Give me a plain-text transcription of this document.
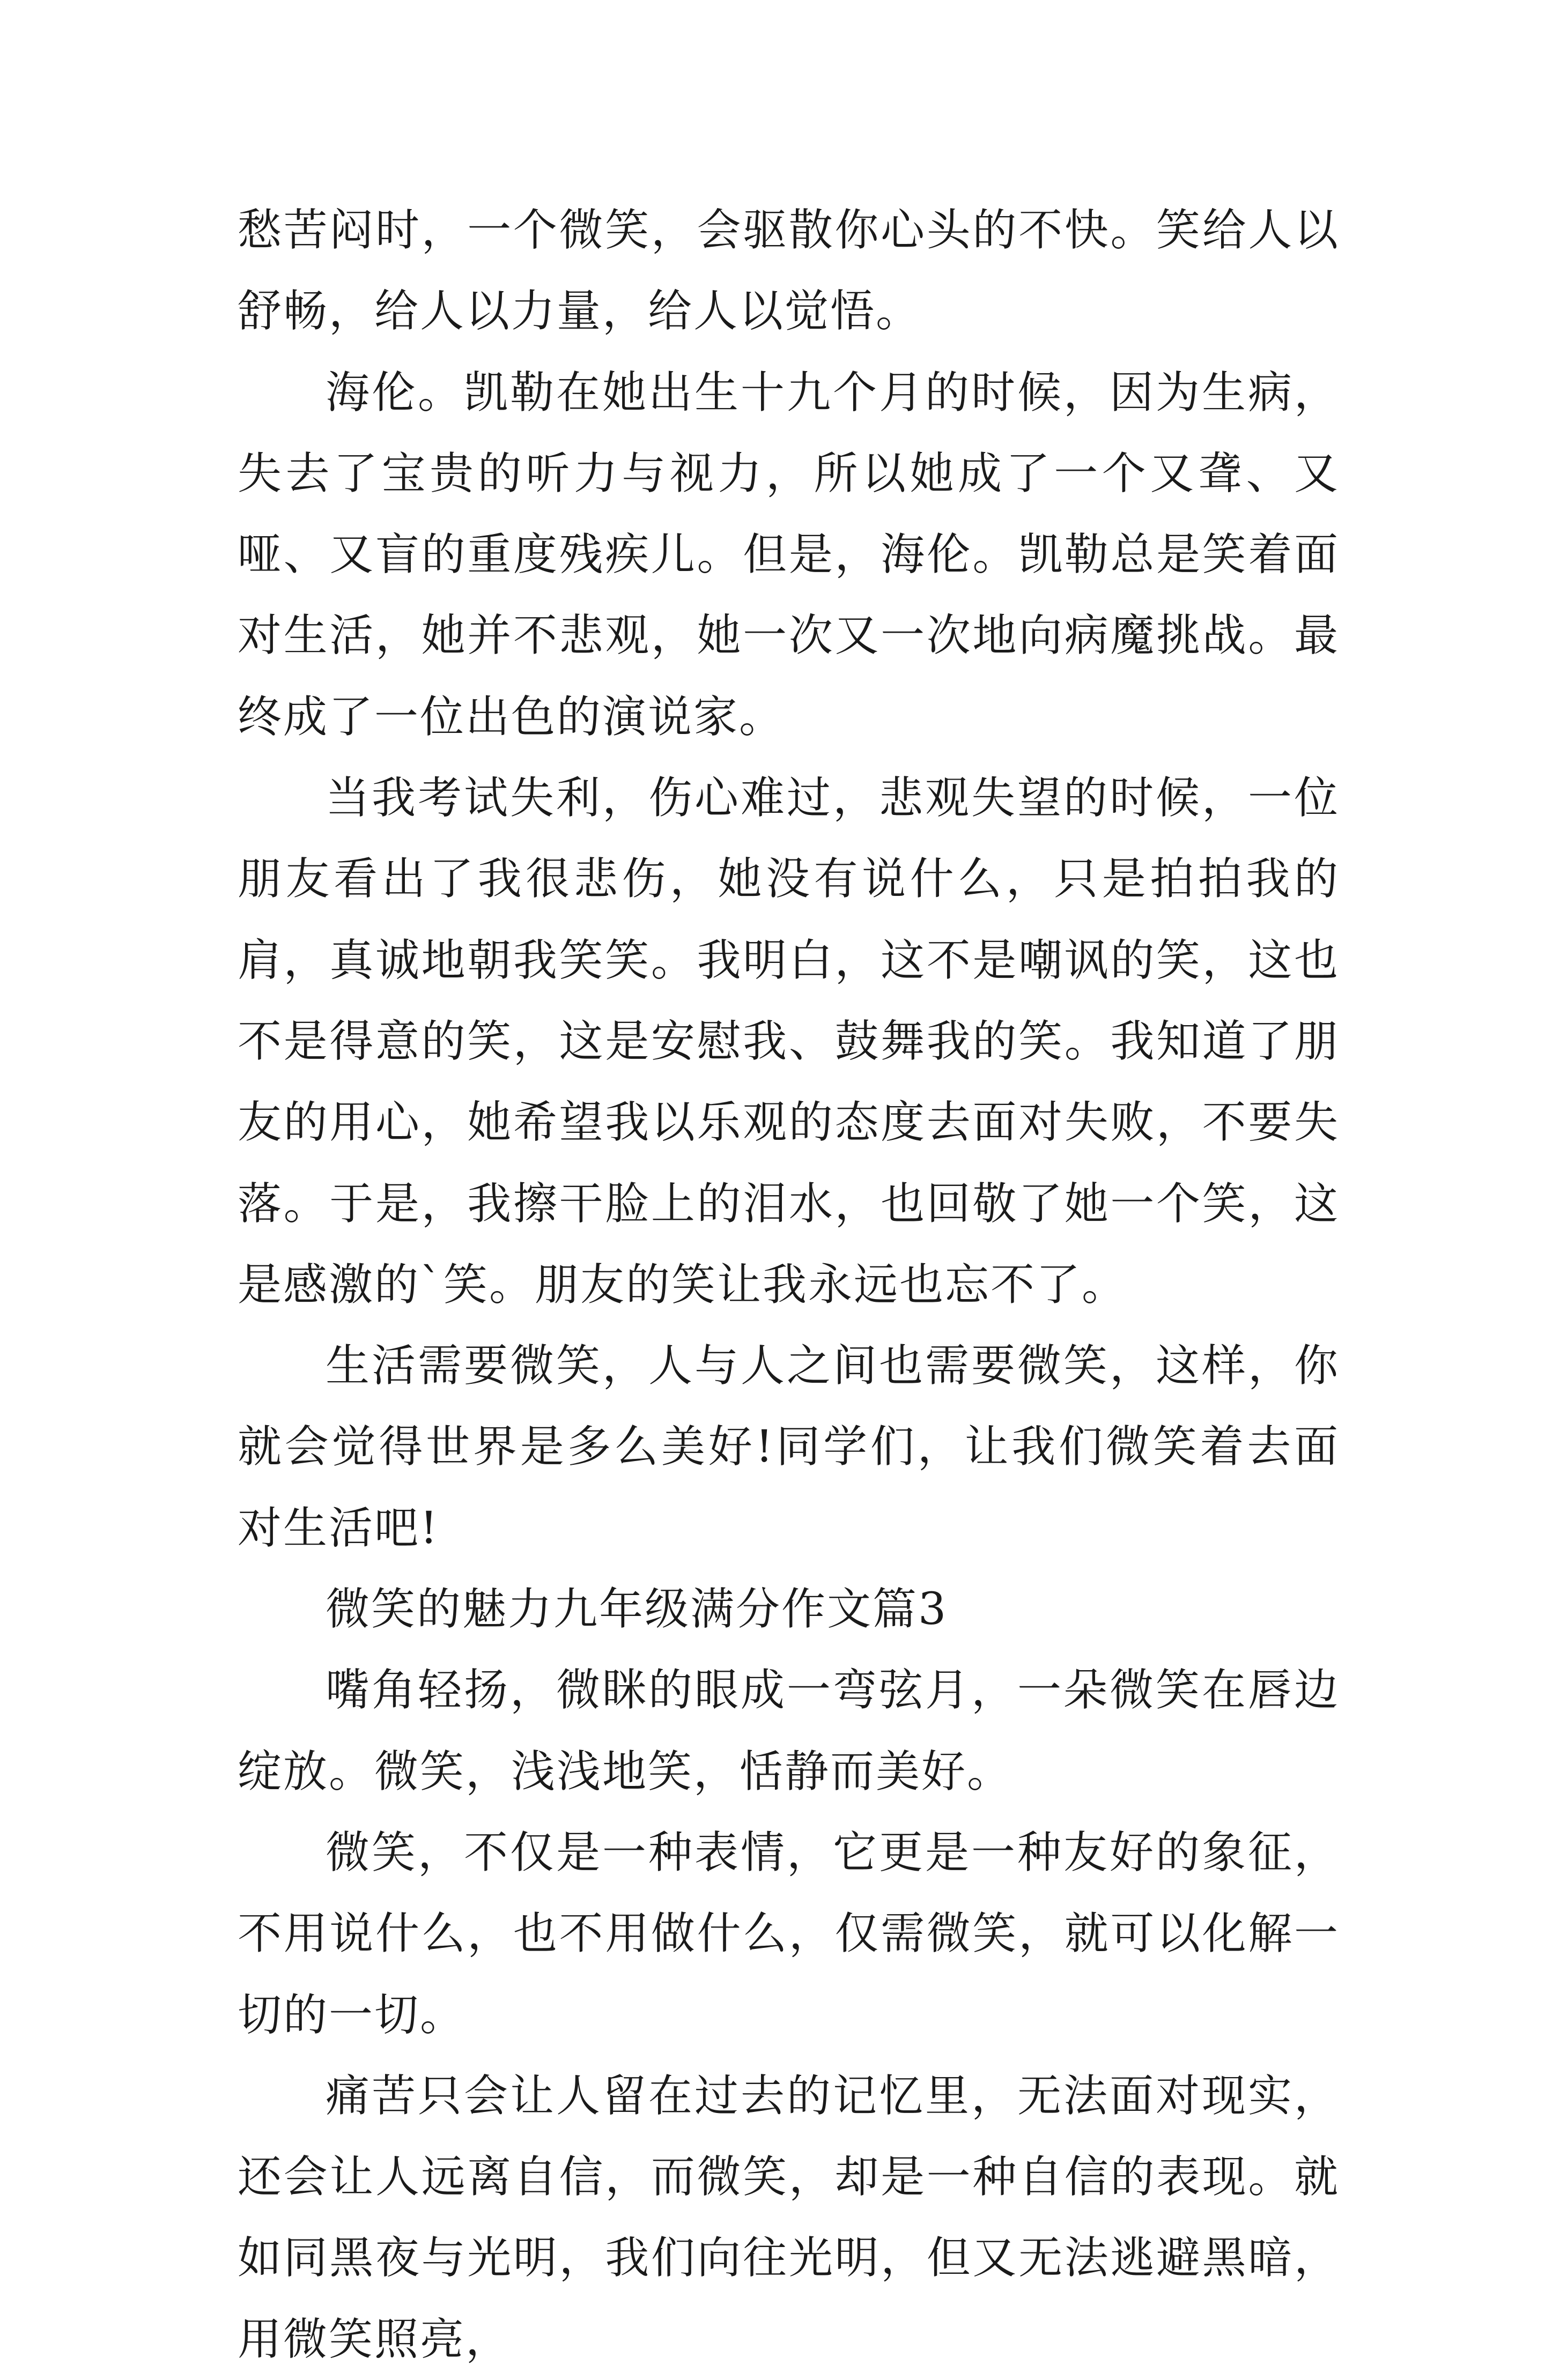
愁苦闷时，一个微笑，会驱散你心头的不快。笑给人以舒畅，给人以力量，给人以觉悟。

海伦。凯勒在她出生十九个月的时候，因为生病，失去了宝贵的听力与视力，所以她成了一个又聋、又哑、又盲的重度残疾儿。但是，海伦。凯勒总是笑着面对生活，她并不悲观，她一次又一次地向病魔挑战。最终成了一位出色的演说家。

当我考试失利，伤心难过，悲观失望的时候，一位朋友看出了我很悲伤，她没有说什么，只是拍拍我的肩，真诚地朝我笑笑。我明白，这不是嘲讽的笑，这也不是得意的笑，这是安慰我、鼓舞我的笑。我知道了朋友的用心，她希望我以乐观的态度去面对失败，不要失落。于是，我擦干脸上的泪水，也回敬了她一个笑，这是感激的`笑。朋友的笑让我永远也忘不了。

生活需要微笑，人与人之间也需要微笑，这样，你就会觉得世界是多么美好!同学们，让我们微笑着去面对生活吧!

微笑的魅力九年级满分作文篇3

嘴角轻扬，微眯的眼成一弯弦月，一朵微笑在唇边绽放。微笑，浅浅地笑，恬静而美好。

微笑，不仅是一种表情，它更是一种友好的象征，不用说什么，也不用做什么，仅需微笑，就可以化解一切的一切。

痛苦只会让人留在过去的记忆里，无法面对现实，还会让人远离自信，而微笑，却是一种自信的表现。就如同黑夜与光明，我们向往光明，但又无法逃避黑暗，用微笑照亮，
